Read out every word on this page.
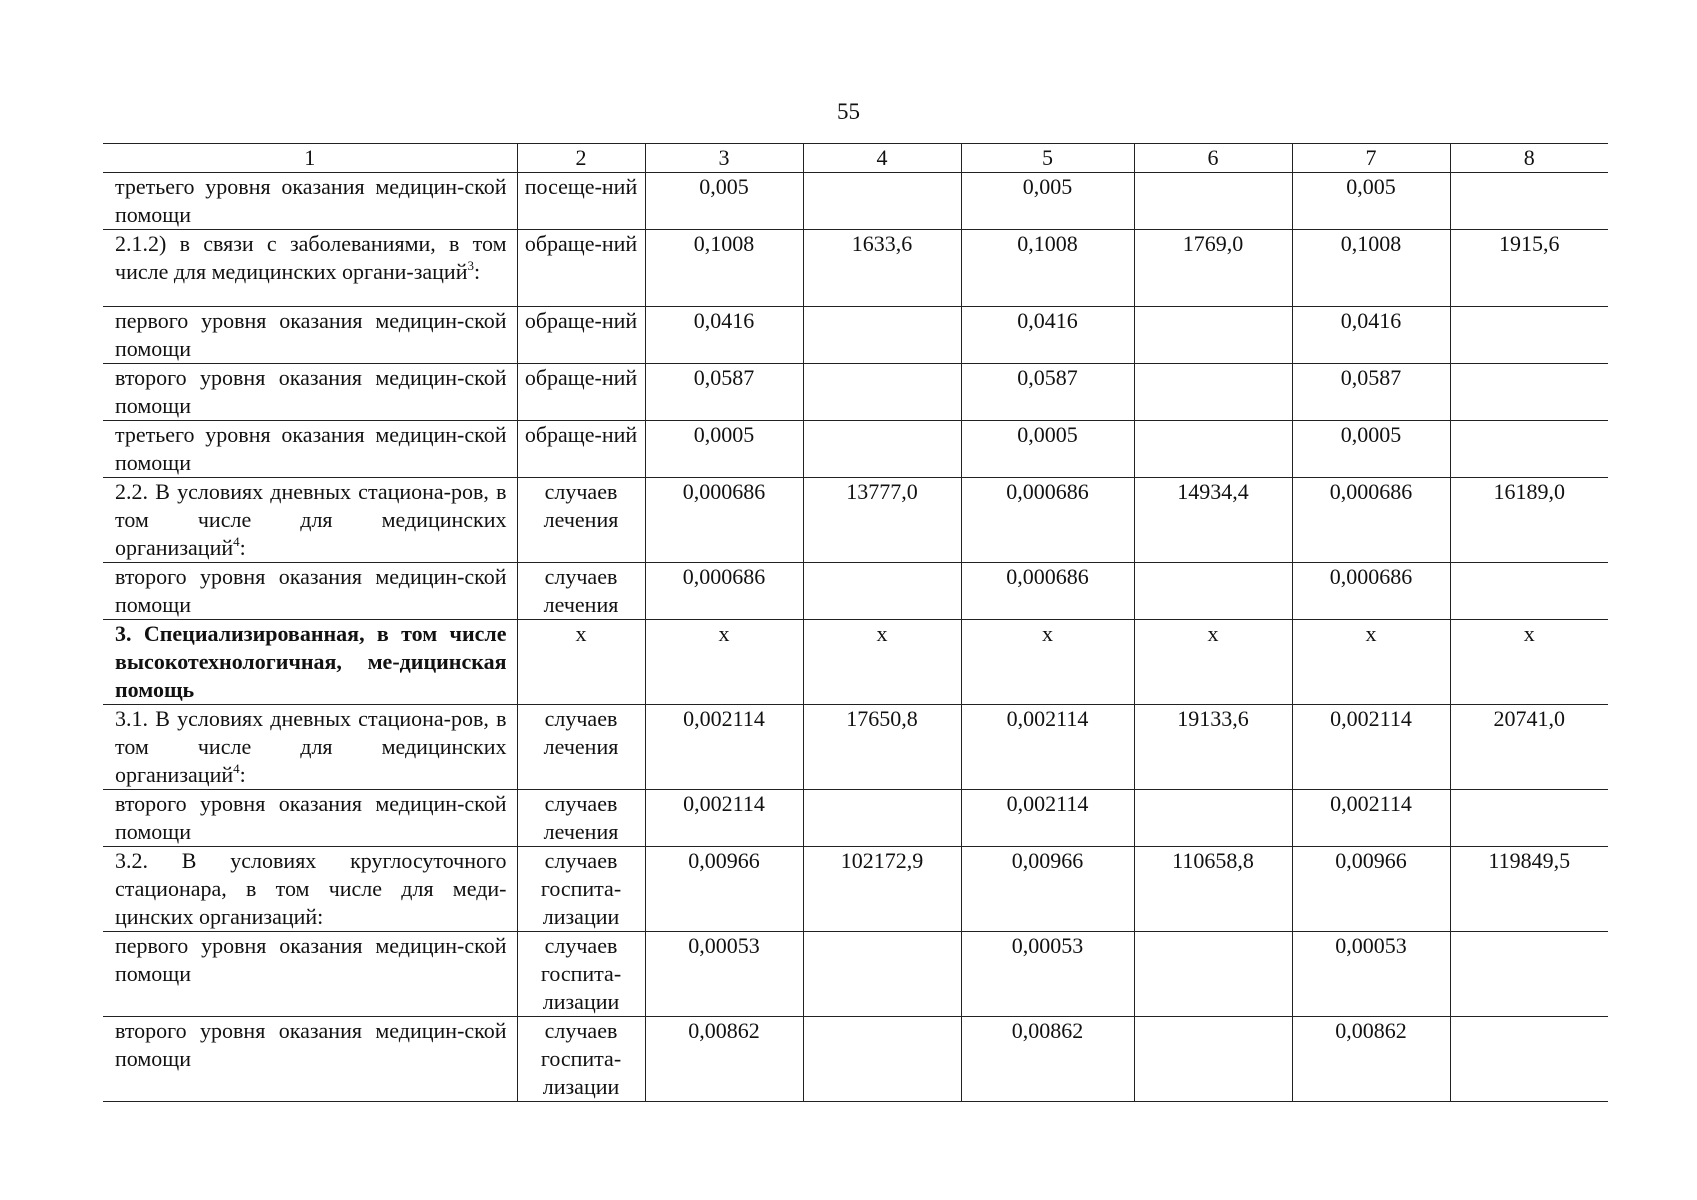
55
1	2	3	4	5	6	7	8
третьего уровня оказания медицин-ской помощи	посеще-ний	0,005		0,005		0,005	
2.1.2) в связи с заболеваниями, в том числе для медицинских органи-заций$^3$:	обраще-ний	0,1008	1633,6	0,1008	1769,0	0,1008	1915,6
первого уровня оказания медицин-ской помощи	обраще-ний	0,0416		0,0416		0,0416	
второго уровня оказания медицин-ской помощи	обраще-ний	0,0587		0,0587		0,0587	
третьего уровня оказания медицин-ской помощи	обраще-ний	0,0005		0,0005		0,0005	
2.2. В условиях дневных стациона-ров, в том числе для медицинских организаций$^4$:	случаев лечения	0,000686	13777,0	0,000686	14934,4	0,000686	16189,0
второго уровня оказания медицин-ской помощи	случаев лечения	0,000686		0,000686		0,000686	
3. Специализированная, в том числе высокотехнологичная, ме-дицинская помощь	х	х	х	х	х	х	х
3.1. В условиях дневных стациона-ров, в том числе для медицинских организаций$^4$:	случаев лечения	0,002114	17650,8	0,002114	19133,6	0,002114	20741,0
второго уровня оказания медицин-ской помощи	случаев лечения	0,002114		0,002114		0,002114	
3.2. В условиях круглосуточного стационара, в том числе для меди-цинских организаций:	случаев госпита-лизации	0,00966	102172,9	0,00966	110658,8	0,00966	119849,5
первого уровня оказания медицин-ской помощи	случаев госпита-лизации	0,00053		0,00053		0,00053	
второго уровня оказания медицин-ской помощи	случаев госпита-лизации	0,00862		0,00862		0,00862	
